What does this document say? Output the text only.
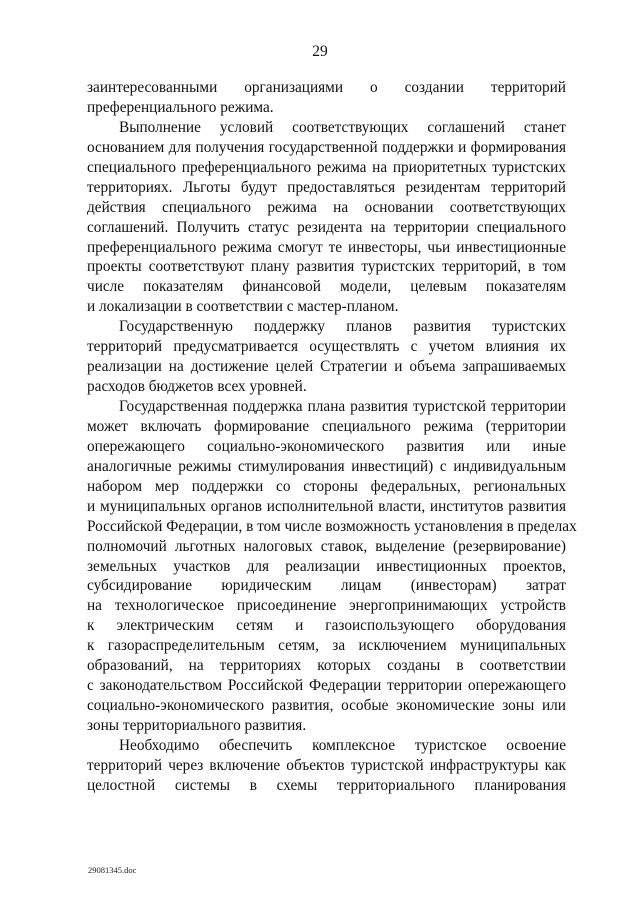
29

заинтересованными организациями о создании территорий
преференциального режима.

Выполнение условий соответствующих соглашений станет
основанием для получения государственной поддержки и формирования
специального преференциального режима на приоритетных туристских
территориях. Льготы будут предоставляться резидентам территорий
действия специального режима на основании соответствующих
соглашений. Получить статус резидента на территории специального
преференциального режима смогут те инвесторы, чьи инвестиционные
проекты соответствуют плану развития туристских территорий, в том
числе показателям финансовой модели, целевым показателям
и локализации в соответствии с мастер-планом.

Государственную поддержку планов развития туристских
территорий предусматривается осуществлять с учетом влияния их
реализации на достижение целей Стратегии и объема запрашиваемых
расходов бюджетов всех уровней.

Государственная поддержка плана развития туристской территории
может включать формирование специального режима (территории
опережающего социально-экономического развития или иные
аналогичные режимы стимулирования инвестиций) с индивидуальным
набором мер поддержки со стороны федеральных, региональных
и муниципальных органов исполнительной власти, институтов развития
Российской Федерации, в том числе возможность установления в пределах
полномочий льготных налоговых ставок, выделение (резервирование)
земельных участков для реализации инвестиционных проектов,
субсидирование юридическим лицам (инвесторам) затрат
на технологическое присоединение энергопринимающих устройств
к электрическим сетям и газоиспользующего оборудования
к газораспределительным сетям, за исключением муниципальных
образований, на территориях которых созданы в соответствии
с законодательством Российской Федерации территории опережающего
социально-экономического развития, особые экономические зоны или
зоны территориального развития.

Необходимо обеспечить комплексное туристское освоение
территорий через включение объектов туристской инфраструктуры как
целостной системы в схемы территориального планирования

29081345.doc
